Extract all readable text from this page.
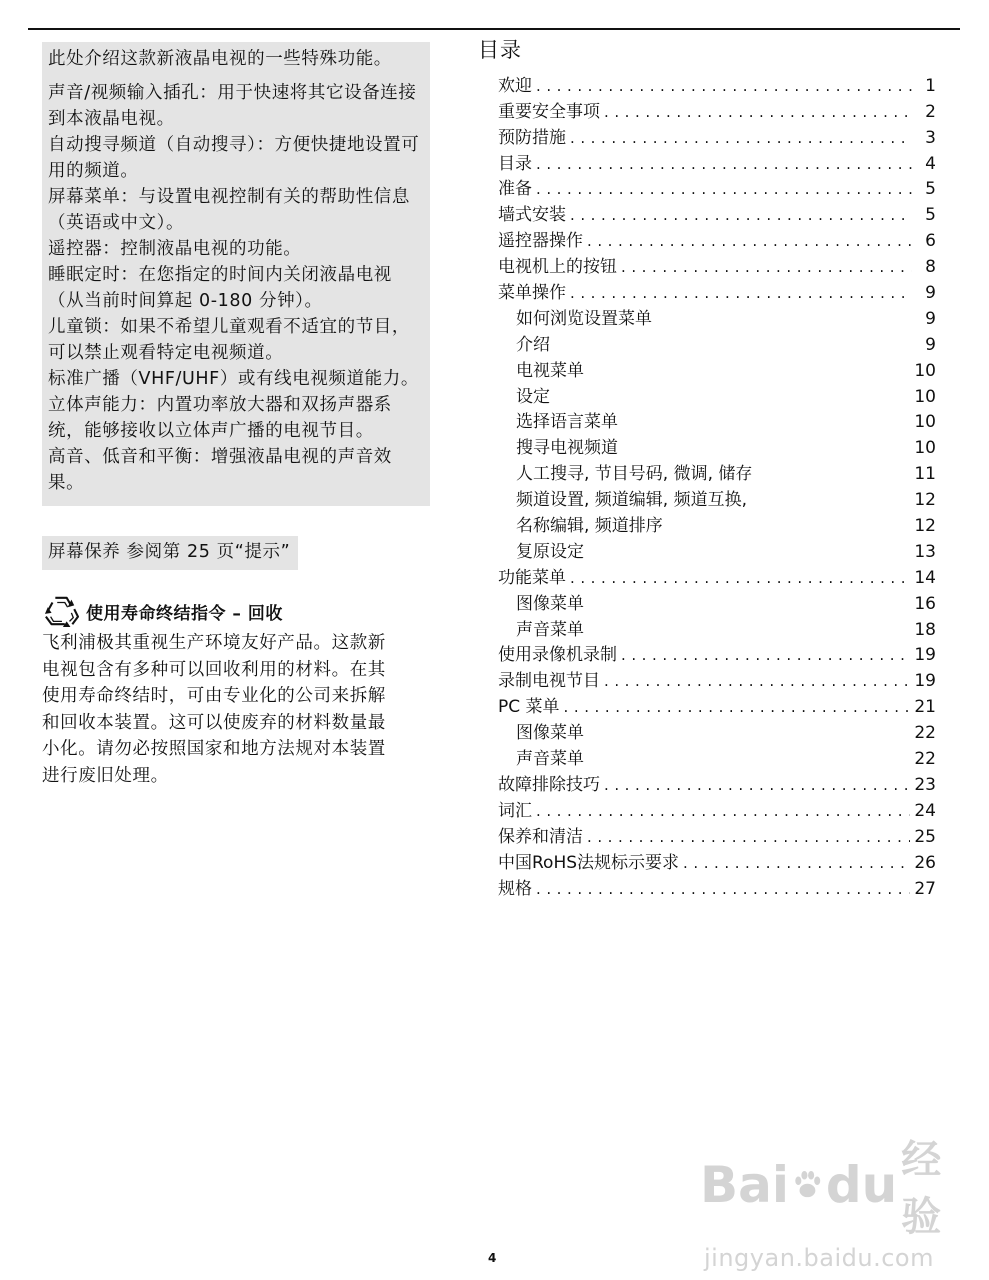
此处介绍这款新液晶电视的一些特殊功能。

声音/视频输入插孔：用于快速将其它设备连接到本液晶电视。

自动搜寻频道（自动搜寻）：方便快捷地设置可用的频道。

屏幕菜单：与设置电视控制有关的帮助性信息（英语或中文）。

遥控器：控制液晶电视的功能。

睡眠定时：在您指定的时间内关闭液晶电视（从当前时间算起 0-180 分钟）。

儿童锁：如果不希望儿童观看不适宜的节目，可以禁止观看特定电视频道。

标准广播（VHF/UHF）或有线电视频道能力。

立体声能力：内置功率放大器和双扬声器系统，能够接收以立体声广播的电视节目。

高音、低音和平衡：增强液晶电视的声音效果。

屏幕保养 参阅第 25 页“提示”
使用寿命终结指令 – 回收
飞利浦极其重视生产环境友好产品。这款新
电视包含有多种可以回收利用的材料。在其
使用寿命终结时，可由专业化的公司来拆解
和回收本装置。这可以使废弃的材料数量最
小化。请勿必按照国家和地方法规对本装置
进行废旧处理。
目录
欢迎 . . .	1
重要安全事项 . . .	2
预防措施 . . .	3
目录 . . .	4
准备 . . .	5
墙式安装 . . .	5
遥控器操作 . . .	6
电视机上的按钮 . . .	8
菜单操作 . . .	9
如何浏览设置菜单	9
介绍	9
电视菜单	10
设定	10
选择语言菜单	10
搜寻电视频道	10
人工搜寻, 节目号码, 微调, 储存	11
频道设置, 频道编辑, 频道互换,	12
名称编辑, 频道排序	12
复原设定	13
功能菜单 . . .	14
图像菜单	16
声音菜单	18
使用录像机录制 . . .	19
录制电视节目 . . .	19
PC 菜单 . . .	21
图像菜单	22
声音菜单	22
故障排除技巧 . . .	23
词汇 . . .	24
保养和清洁 . . .	25
中国RoHS法规标示要求 . . .	26
规格 . . .	27
Bai du 经验
jingyan.baidu.com
4
